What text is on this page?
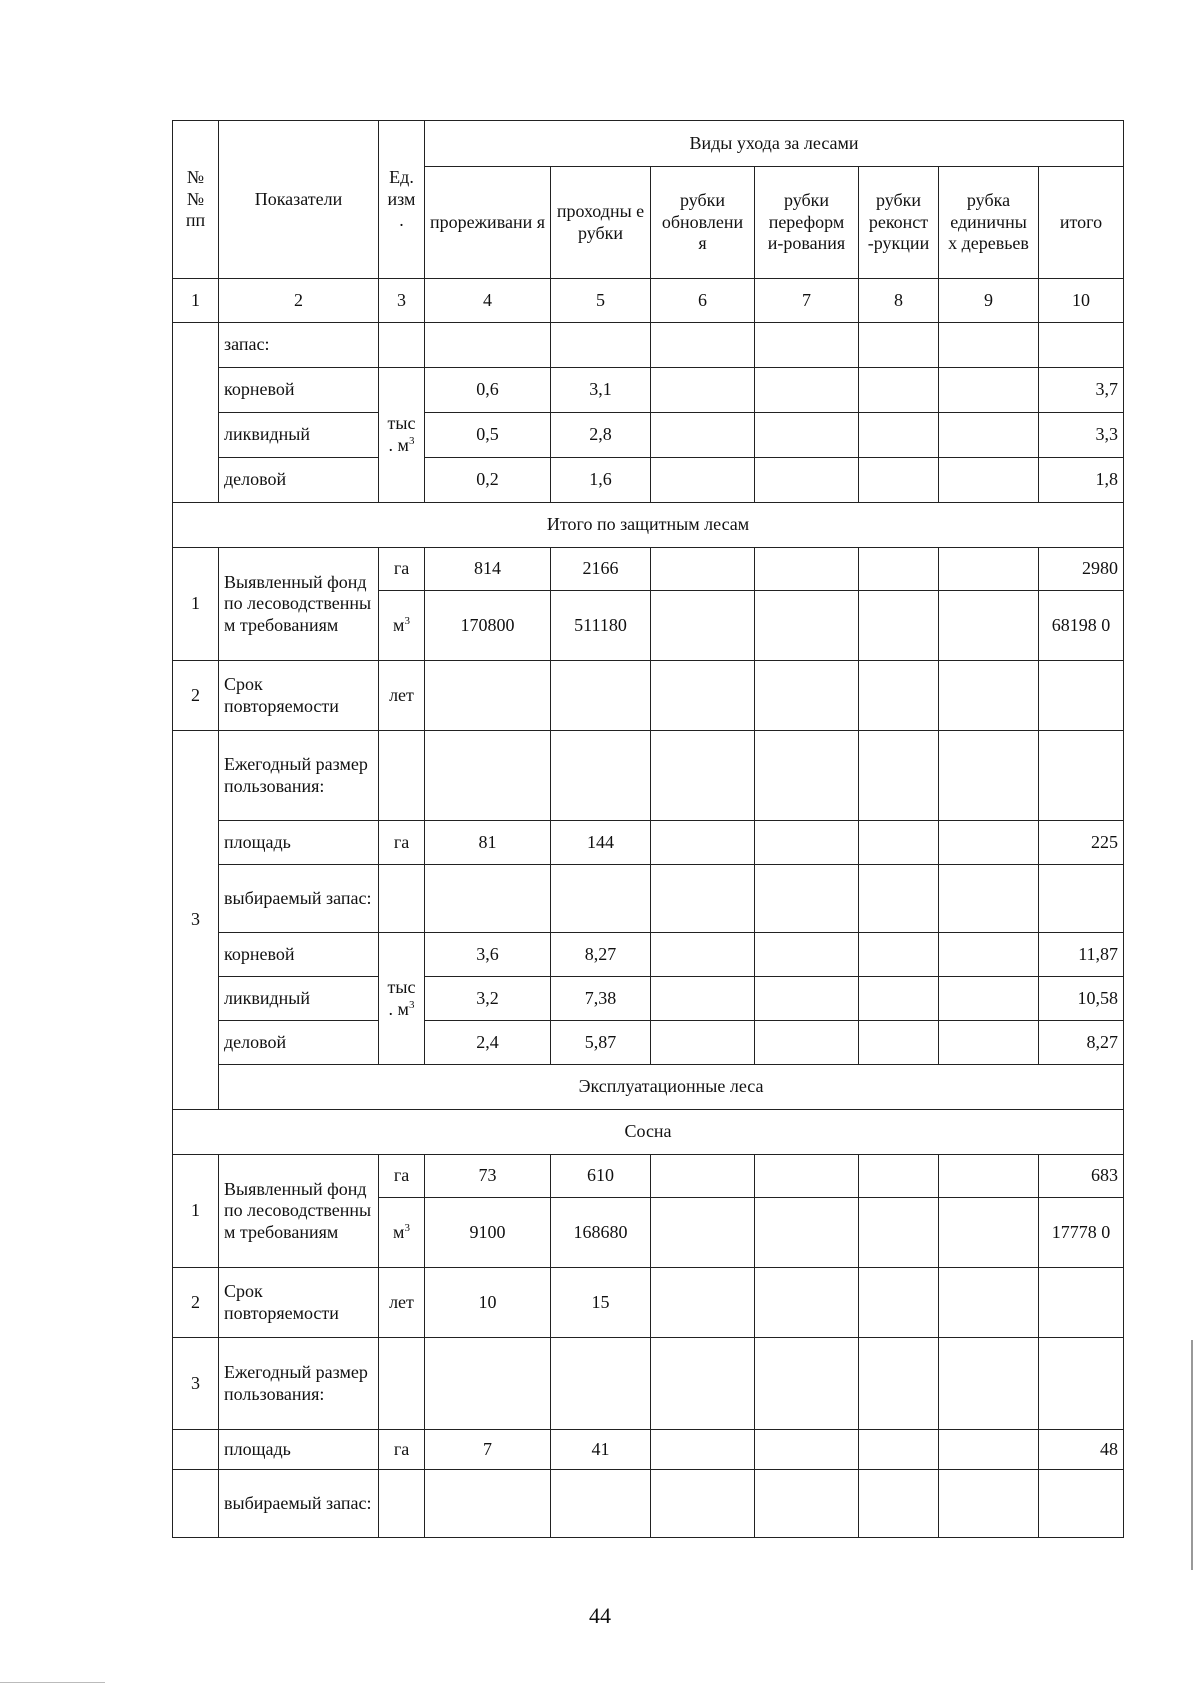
№ № пп	Показатели	Ед. изм .	Виды ухода за лесами						
			прореживани я	проходны е рубки	рубки обновлени я	рубки переформ и-рования	рубки реконст -рукции	рубка единичны х деревьев	итого
1	2	3	4	5	6	7	8	9	10
	запас:								
	корневой	тыс . $м^3$	0,6	3,1					3,7
	ликвидный		0,5	2,8					3,3
	деловой		0,2	1,6					1,8
Итого по защитным лесам									
1	Выявленный фонд по лесоводственны м требованиям	га	814	2166					2980
		$м^3$	170800	511180					68198 0
2	Срок повторяемости	лет							
3	Ежегодный размер пользования:								
	площадь	га	81	144					225
	выбираемый запас:								
	корневой	тыс . $м^3$	3,6	8,27					11,87
	ликвидный		3,2	7,38					10,58
	деловой		2,4	5,87					8,27
	Эксплуатационные леса								
Сосна									
1	Выявленный фонд по лесоводственны м требованиям	га	73	610					683
		$м^3$	9100	168680					17778 0
2	Срок повторяемости	лет	10	15					
3	Ежегодный размер пользования:								
	площадь	га	7	41					48
	выбираемый запас:								
44
